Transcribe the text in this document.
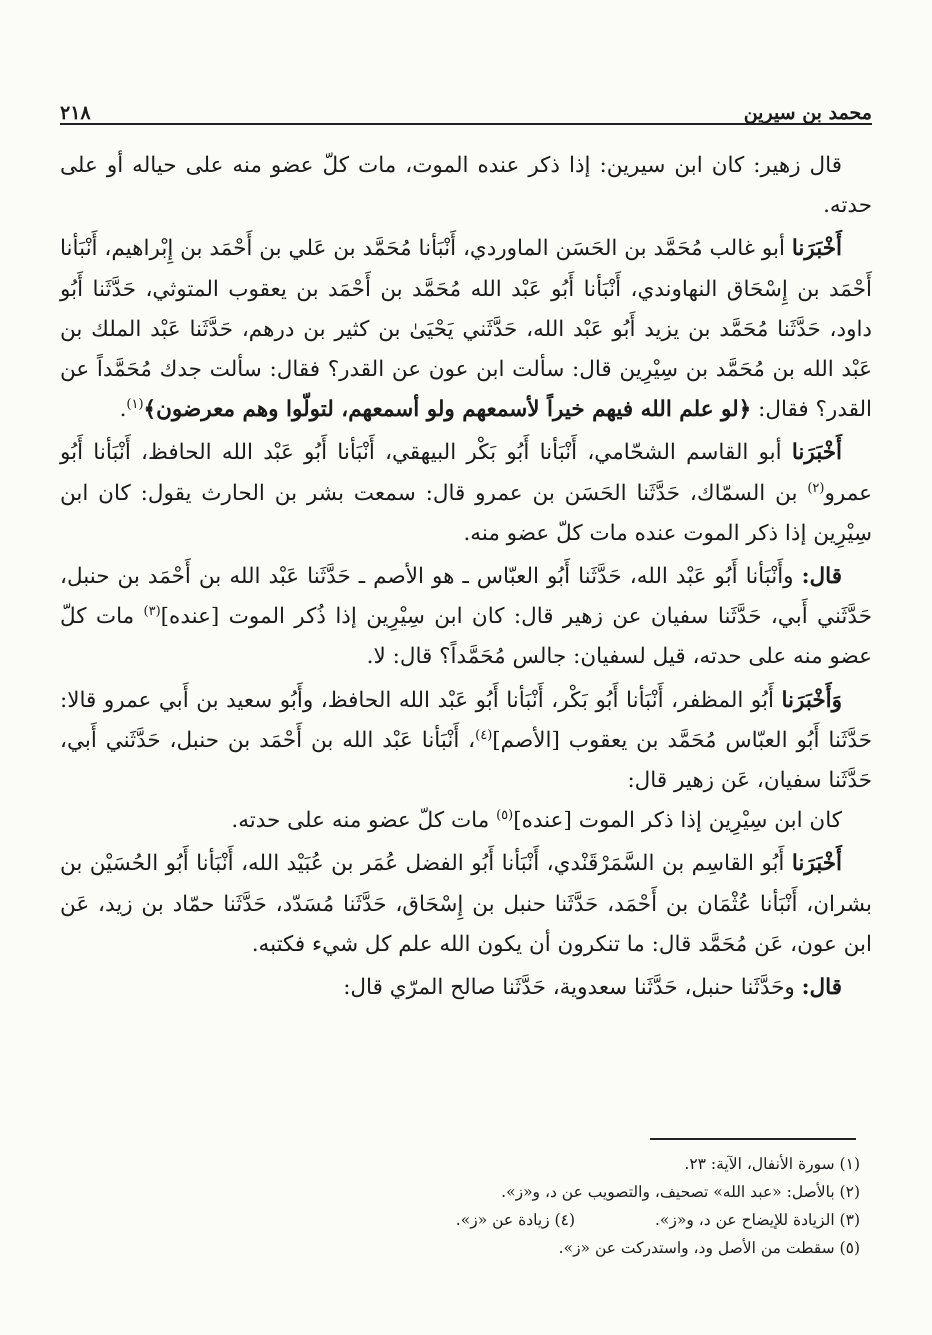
٢١٨	محمد بن سيرين

قال زهير: كان ابن سيرين: إذا ذكر عنده الموت، مات كلّ عضو منه على حياله أو على حدته.

أَخْبَرَنا أبو غالب مُحَمَّد بن الحَسَن الماوردي، أَنْبَأنا مُحَمَّد بن عَلي بن أَحْمَد بن إِبْراهيم، أَنْبَأنا أَحْمَد بن إِسْحَاق النهاوندي، أَنْبَأنا أَبُو عَبْد الله مُحَمَّد بن أَحْمَد بن يعقوب المتوثي، حَدَّثَنا أَبُو داود، حَدَّثَنا مُحَمَّد بن يزيد أَبُو عَبْد الله، حَدَّثَني يَحْيَىٰ بن كثير بن درهم، حَدَّثَنا عَبْد الملك بن عَبْد الله بن مُحَمَّد بن سِيْرِين قال: سألت ابن عون عن القدر؟ فقال: سألت جدك مُحَمَّداً عن القدر؟ فقال: ﴿لو علم الله فيهم خيراً لأسمعهم ولو أسمعهم، لتولّوا وهم معرضون﴾$^{(١)}$.

أَخْبَرَنا أبو القاسم الشحّامي، أَنْبَأنا أَبُو بَكْر البيهقي، أَنْبَأنا أَبُو عَبْد الله الحافظ، أَنْبَأنا أَبُو عمرو$^{(٢)}$ بن السمّاك، حَدَّثَنا الحَسَن بن عمرو قال: سمعت بشر بن الحارث يقول: كان ابن سِيْرِين إذا ذكر الموت عنده مات كلّ عضو منه.

قال: وأَنْبَأنا أَبُو عَبْد الله، حَدَّثَنا أَبُو العبّاس ـ هو الأصم ـ حَدَّثَنا عَبْد الله بن أَحْمَد بن حنبل، حَدَّثَني أَبي، حَدَّثَنا سفيان عن زهير قال: كان ابن سِيْرِين إذا ذُكر الموت [عنده]$^{(٣)}$ مات كلّ عضو منه على حدته، قيل لسفيان: جالس مُحَمَّداً؟ قال: لا.

وَأَخْبَرَنا أَبُو المظفر، أَنْبَأنا أَبُو بَكْر، أَنْبَأنا أَبُو عَبْد الله الحافظ، وأَبُو سعيد بن أَبي عمرو قالا: حَدَّثَنا أَبُو العبّاس مُحَمَّد بن يعقوب [الأصم]$^{(٤)}$، أَنْبَأنا عَبْد الله بن أَحْمَد بن حنبل، حَدَّثَني أَبي، حَدَّثَنا سفيان، عَن زهير قال:

كان ابن سِيْرِين إذا ذكر الموت [عنده]$^{(٥)}$ مات كلّ عضو منه على حدته.

أَخْبَرَنا أَبُو القاسِم بن السَّمَرْقَنْدي، أَنْبَأنا أَبُو الفضل عُمَر بن عُبَيْد الله، أَنْبَأنا أَبُو الحُسَيْن بن بشران، أَنْبَأنا عُثْمَان بن أَحْمَد، حَدَّثَنا حنبل بن إِسْحَاق، حَدَّثَنا مُسَدّد، حَدَّثَنا حمّاد بن زيد، عَن ابن عون، عَن مُحَمَّد قال: ما تنكرون أن يكون الله علم كل شيء فكتبه.

قال: وحَدَّثَنا حنبل، حَدَّثَنا سعدوية، حَدَّثَنا صالح المرّي قال:

(١) سورة الأنفال، الآية: ٢٣.
(٢) بالأصل: «عبد الله» تصحيف، والتصويب عن د، و«ز».
(٣) الزيادة للإيضاح عن د، و«ز».
(٤) زيادة عن «ز».
(٥) سقطت من الأصل ود، واستدركت عن «ز».
